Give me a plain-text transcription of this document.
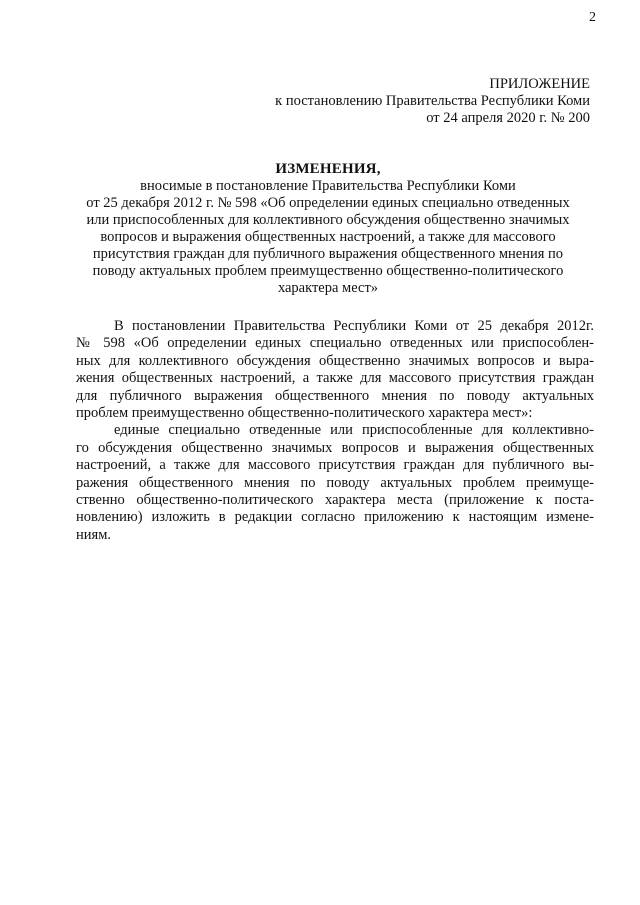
2
ПРИЛОЖЕНИЕ
к постановлению Правительства Республики Коми
от 24 апреля 2020 г. № 200
ИЗМЕНЕНИЯ,
вносимые в постановление Правительства Республики Коми
от 25 декабря 2012 г. № 598 «Об определении единых специально отведенных
или приспособленных для коллективного обсуждения общественно значимых
вопросов и выражения общественных настроений, а также для массового
присутствия граждан для публичного выражения общественного мнения по
поводу актуальных проблем преимущественно общественно-политического
характера мест»
В постановлении Правительства Республики Коми от 25 декабря 2012г.
№ 598 «Об определении единых специально отведенных или приспособлен-
ных для коллективного обсуждения общественно значимых вопросов и выра-
жения общественных настроений, а также для массового присутствия граждан
для публичного выражения общественного мнения по поводу актуальных
проблем преимущественно общественно-политического характера мест»:
единые специально отведенные или приспособленные для коллективно-
го обсуждения общественно значимых вопросов и выражения общественных
настроений, а также для массового присутствия граждан для публичного вы-
ражения общественного мнения по поводу актуальных проблем преимуще-
ственно общественно-политического характера места (приложение к поста-
новлению) изложить в редакции согласно приложению к настоящим измене-
ниям.
